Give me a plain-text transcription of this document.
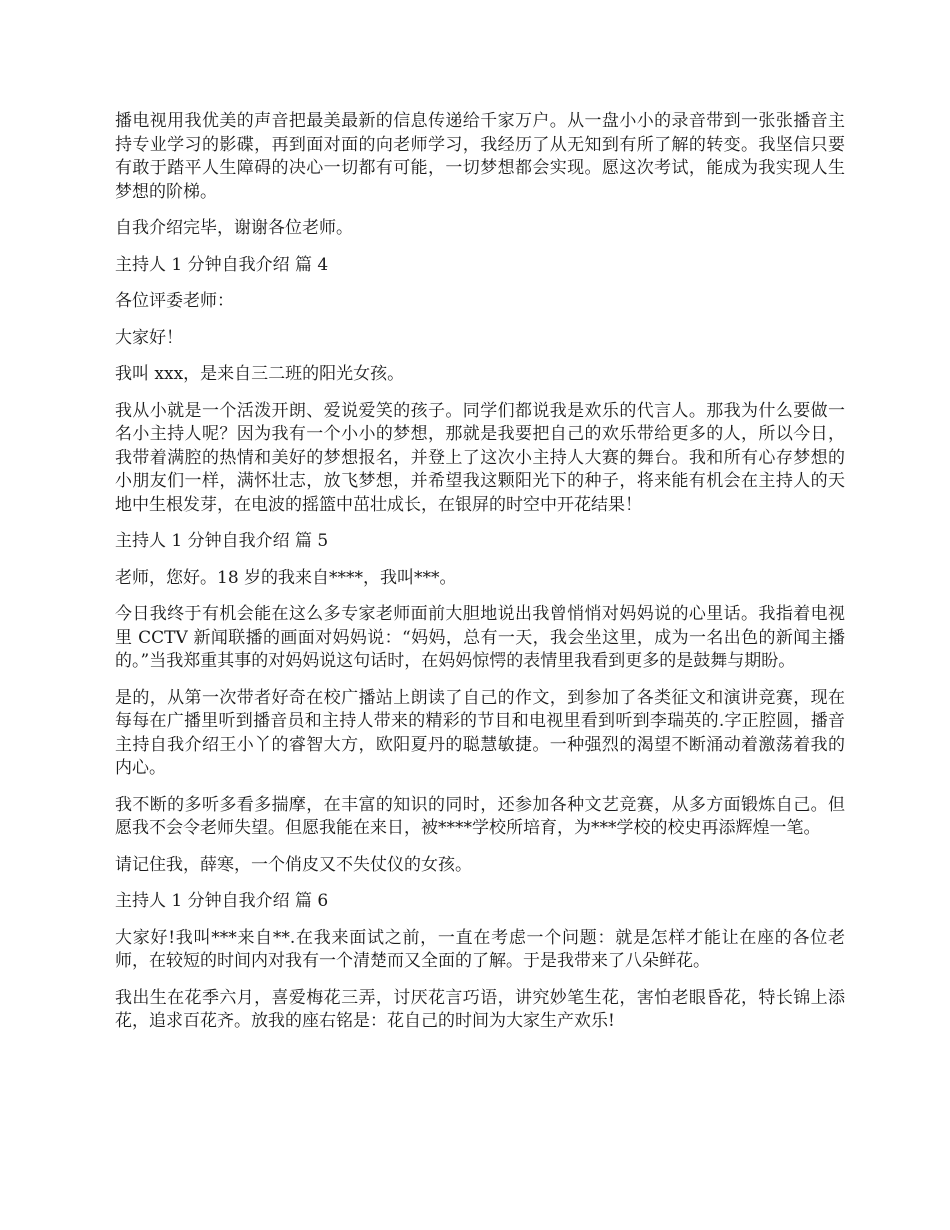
播电视用我优美的声音把最美最新的信息传递给千家万户。从一盘小小的录音带到一张张播音主持专业学习的影碟，再到面对面的向老师学习，我经历了从无知到有所了解的转变。我坚信只要有敢于踏平人生障碍的决心一切都有可能，一切梦想都会实现。愿这次考试，能成为我实现人生梦想的阶梯。

自我介绍完毕，谢谢各位老师。

主持人 1 分钟自我介绍 篇 4

各位评委老师：

大家好！

我叫 xxx，是来自三二班的阳光女孩。

我从小就是一个活泼开朗、爱说爱笑的孩子。同学们都说我是欢乐的代言人。那我为什么要做一名小主持人呢？因为我有一个小小的梦想，那就是我要把自己的欢乐带给更多的人，所以今日，我带着满腔的热情和美好的梦想报名，并登上了这次小主持人大赛的舞台。我和所有心存梦想的小朋友们一样，满怀壮志，放飞梦想，并希望我这颗阳光下的种子，将来能有机会在主持人的天地中生根发芽，在电波的摇篮中茁壮成长，在银屏的时空中开花结果！

主持人 1 分钟自我介绍 篇 5

老师，您好。18 岁的我来自****，我叫***。

今日我终于有机会能在这么多专家老师面前大胆地说出我曾悄悄对妈妈说的心里话。我指着电视里 CCTV 新闻联播的画面对妈妈说：“妈妈，总有一天，我会坐这里，成为一名出色的新闻主播的。”当我郑重其事的对妈妈说这句话时，在妈妈惊愕的表情里我看到更多的是鼓舞与期盼。

是的，从第一次带者好奇在校广播站上朗读了自己的作文，到参加了各类征文和演讲竞赛，现在每每在广播里听到播音员和主持人带来的精彩的节目和电视里看到听到李瑞英的.字正腔圆，播音主持自我介绍王小丫的睿智大方，欧阳夏丹的聪慧敏捷。一种强烈的渴望不断涌动着激荡着我的内心。

我不断的多听多看多揣摩，在丰富的知识的同时，还参加各种文艺竞赛，从多方面锻炼自己。但愿我不会令老师失望。但愿我能在来日，被****学校所培育，为***学校的校史再添辉煌一笔。

请记住我，薛寒，一个俏皮又不失仗仪的女孩。

主持人 1 分钟自我介绍 篇 6

大家好!我叫***来自**.在我来面试之前，一直在考虑一个问题：就是怎样才能让在座的各位老师，在较短的时间内对我有一个清楚而又全面的了解。于是我带来了八朵鲜花。

我出生在花季六月，喜爱梅花三弄，讨厌花言巧语，讲究妙笔生花，害怕老眼昏花，特长锦上添花，追求百花齐。放我的座右铭是：花自己的时间为大家生产欢乐!
